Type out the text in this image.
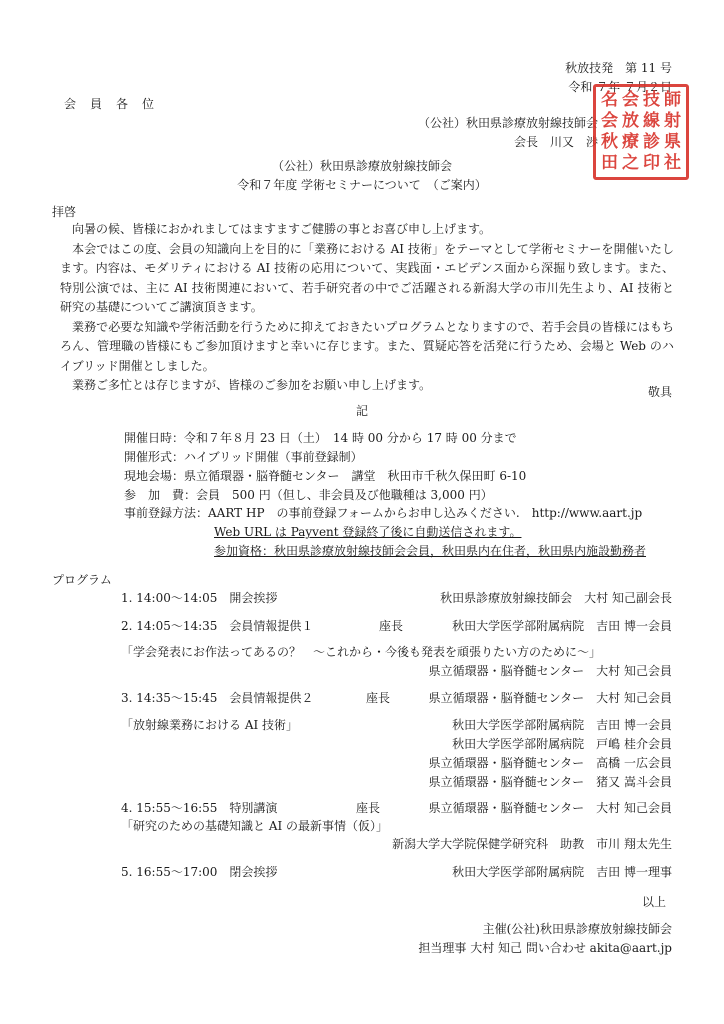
秋放技発　第 11 号
令和 ７年 ７月２日
会　員　各　位
（公社）秋田県診療放射線技師会
会長　川又　渉
名 会 技 師
会 放 線 射
秋 療 診 県
田 之 印 社
（公社）秋田県診療放射線技師会
令和７年度 学術セミナーについて　（ご案内）
拝啓

　向暑の候、皆様におかれましてはますますご健勝の事とお喜び申し上げます。

　本会ではこの度、会員の知識向上を目的に「業務における AI 技術」をテーマとして学術セミナーを開催いたします。内容は、モダリティにおける AI 技術の応用について、実践面・エビデンス面から深掘り致します。また、特別公演では、主に AI 技術関連において、若手研究者の中でご活躍される新潟大学の市川先生より、AI 技術と研究の基礎についてご講演頂きます。

　業務で必要な知識や学術活動を行うために抑えておきたいプログラムとなりますので、若手会員の皆様にはもちろん、管理職の皆様にもご参加頂けますと幸いに存じます。また、質疑応答を活発に行うため、会場と Web のハイブリッド開催としました。

　業務ご多忙とは存じますが、皆様のご参加をお願い申し上げます。	敬具
記
開催日時：令和７年８月 23 日（土）　14 時 00 分から 17 時 00 分まで
開催形式：ハイブリッド開催（事前登録制）
現地会場：県立循環器・脳脊髄センター　講堂　秋田市千秋久保田町 6-10
参　加　費：会員　500 円（但し、非会員及び他職種は 3,000 円）
事前登録方法：AART HP　の事前登録フォームからお申し込みください.　http://www.aart.jp
Web URL は Payvent 登録終了後に自動送信されます。
参加資格：秋田県診療放射線技師会会員，秋田県内在住者，秋田県内施設勤務者
プログラム
1. 14:00～14:05　開会挨拶	秋田県診療放射線技師会　大村 知己副会長
2. 14:05～14:35　会員情報提供１	座長	秋田大学医学部附属病院　吉田 博一会員
「学会発表にお作法ってあるの？　～これから・今後も発表を頑張りたい方のために～」
県立循環器・脳脊髄センター　大村 知己会員
3. 14:35～15:45　会員情報提供２	座長	県立循環器・脳脊髄センター　大村 知己会員
「放射線業務における AI 技術」	秋田大学医学部附属病院　吉田 博一会員
秋田大学医学部附属病院　戸嶋 桂介会員
県立循環器・脳脊髄センター　高橋 一広会員
県立循環器・脳脊髄センター　猪又 嵩斗会員
4. 15:55～16:55　特別講演	座長	県立循環器・脳脊髄センター　大村 知己会員
「研究のための基礎知識と AI の最新事情（仮）」
新潟大学大学院保健学研究科　助教　市川 翔太先生
5. 16:55～17:00　閉会挨拶	秋田大学医学部附属病院　吉田 博一理事
以上
主催(公社)秋田県診療放射線技師会
担当理事 大村 知己 問い合わせ akita@aart.jp
